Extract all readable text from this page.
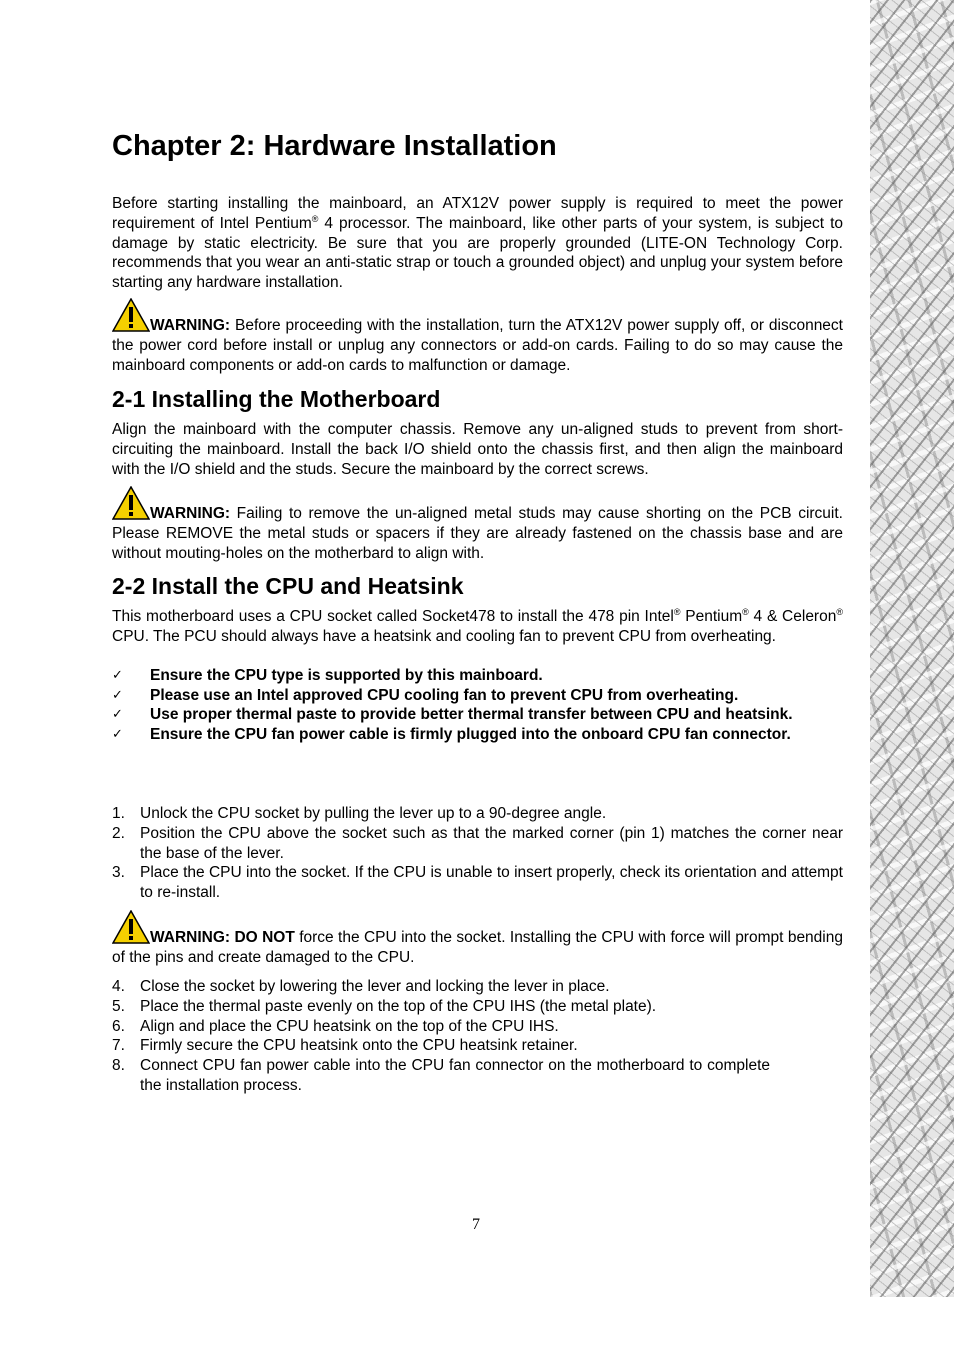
Chapter 2: Hardware Installation

Before starting installing the mainboard, an ATX12V power supply is required to meet the power requirement of Intel Pentium® 4 processor. The mainboard, like other parts of your system, is subject to damage by static electricity. Be sure that you are properly grounded (LITE-ON Technology Corp. recommends that you wear an anti-static strap or touch a grounded object) and unplug your system before starting any hardware installation.

WARNING: Before proceeding with the installation, turn the ATX12V power supply off, or disconnect the power cord before install or unplug any connectors or add-on cards. Failing to do so may cause the mainboard components or add-on cards to malfunction or damage.

2-1 Installing the Motherboard

Align the mainboard with the computer chassis. Remove any un-aligned studs to prevent from short-circuiting the mainboard. Install the back I/O shield onto the chassis first, and then align the mainboard with the I/O shield and the studs. Secure the mainboard by the correct screws.

WARNING: Failing to remove the un-aligned metal studs may cause shorting on the PCB circuit. Please REMOVE the metal studs or spacers if they are already fastened on the chassis base and are without mouting-holes on the motherbard to align with.

2-2 Install the CPU and Heatsink

This motherboard uses a CPU socket called Socket478 to install the 478 pin Intel® Pentium® 4 & Celeron® CPU. The PCU should always have a heatsink and cooling fan to prevent CPU from overheating.

✓ Ensure the CPU type is supported by this mainboard.
✓ Please use an Intel approved CPU cooling fan to prevent CPU from overheating.
✓ Use proper thermal paste to provide better thermal transfer between CPU and heatsink.
✓ Ensure the CPU fan power cable is firmly plugged into the onboard CPU fan connector.
1. Unlock the CPU socket by pulling the lever up to a 90-degree angle.
2. Position the CPU above the socket such as that the marked corner (pin 1) matches the corner near the base of the lever.
3. Place the CPU into the socket. If the CPU is unable to insert properly, check its orientation and attempt to re-install.

WARNING: DO NOT force the CPU into the socket. Installing the CPU with force will prompt bending of the pins and create damaged to the CPU.

4. Close the socket by lowering the lever and locking the lever in place.
5. Place the thermal paste evenly on the top of the CPU IHS (the metal plate).
6. Align and place the CPU heatsink on the top of the CPU IHS.
7. Firmly secure the CPU heatsink onto the CPU heatsink retainer.
8. Connect CPU fan power cable into the CPU fan connector on the motherboard to complete the installation process.
7
